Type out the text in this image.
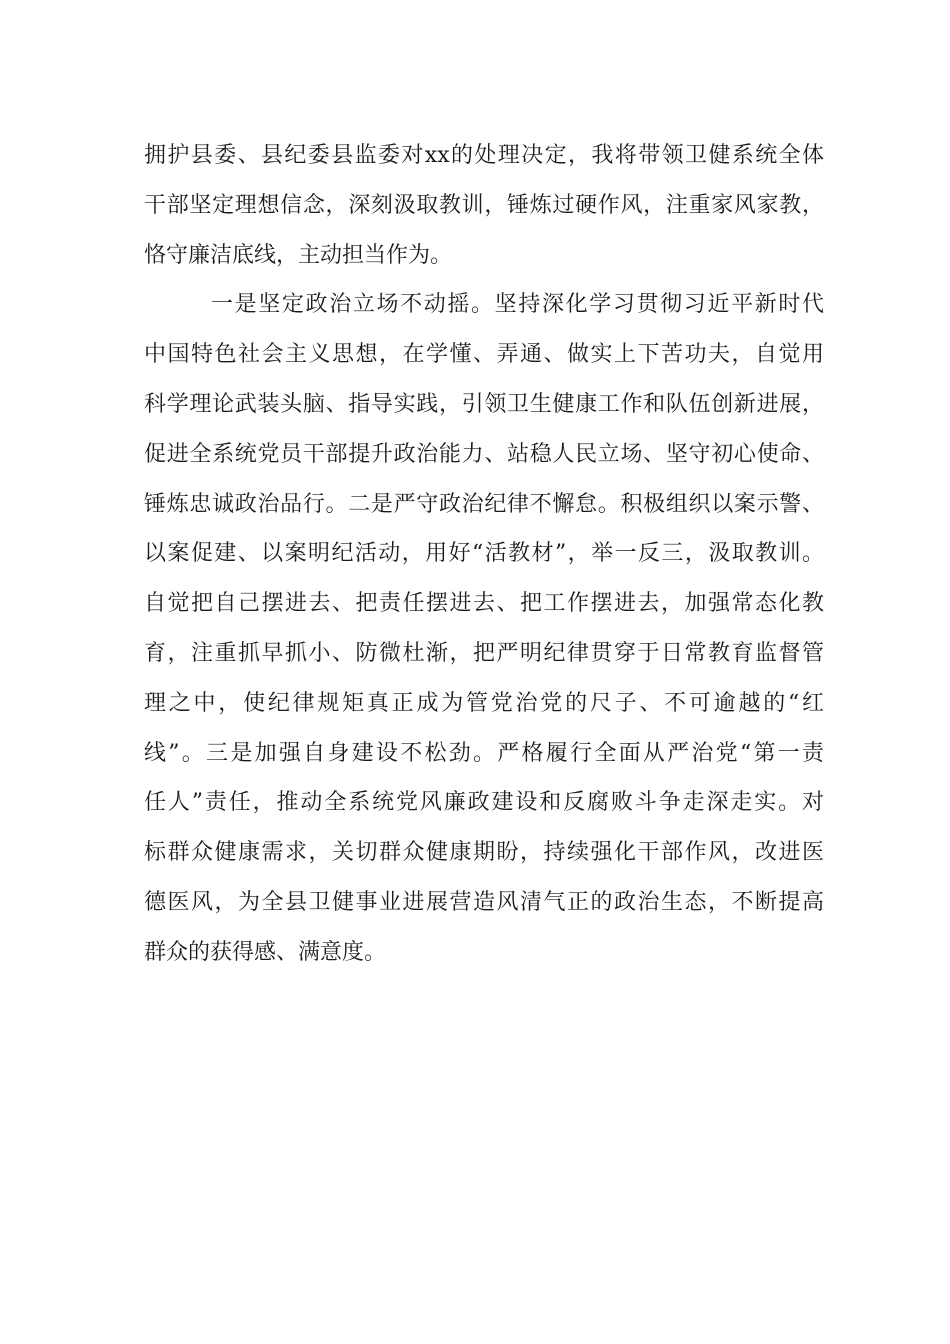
拥护县委、县纪委县监委对xx的处理决定，我将带领卫健系统全体
干部坚定理想信念，深刻汲取教训，锤炼过硬作风，注重家风家教，
恪守廉洁底线，主动担当作为。
一是坚定政治立场不动摇。坚持深化学习贯彻习近平新时代
中国特色社会主义思想，在学懂、弄通、做实上下苦功夫，自觉用
科学理论武装头脑、指导实践，引领卫生健康工作和队伍创新进展，
促进全系统党员干部提升政治能力、站稳人民立场、坚守初心使命、
锤炼忠诚政治品行。二是严守政治纪律不懈怠。积极组织以案示警、
以案促建、以案明纪活动，用好“活教材”，举一反三，汲取教训。
自觉把自己摆进去、把责任摆进去、把工作摆进去，加强常态化教
育，注重抓早抓小、防微杜渐，把严明纪律贯穿于日常教育监督管
理之中，使纪律规矩真正成为管党治党的尺子、不可逾越的“红
线”。三是加强自身建设不松劲。严格履行全面从严治党“第一责
任人”责任，推动全系统党风廉政建设和反腐败斗争走深走实。对
标群众健康需求，关切群众健康期盼，持续强化干部作风，改进医
德医风，为全县卫健事业进展营造风清气正的政治生态，不断提高
群众的获得感、满意度。
